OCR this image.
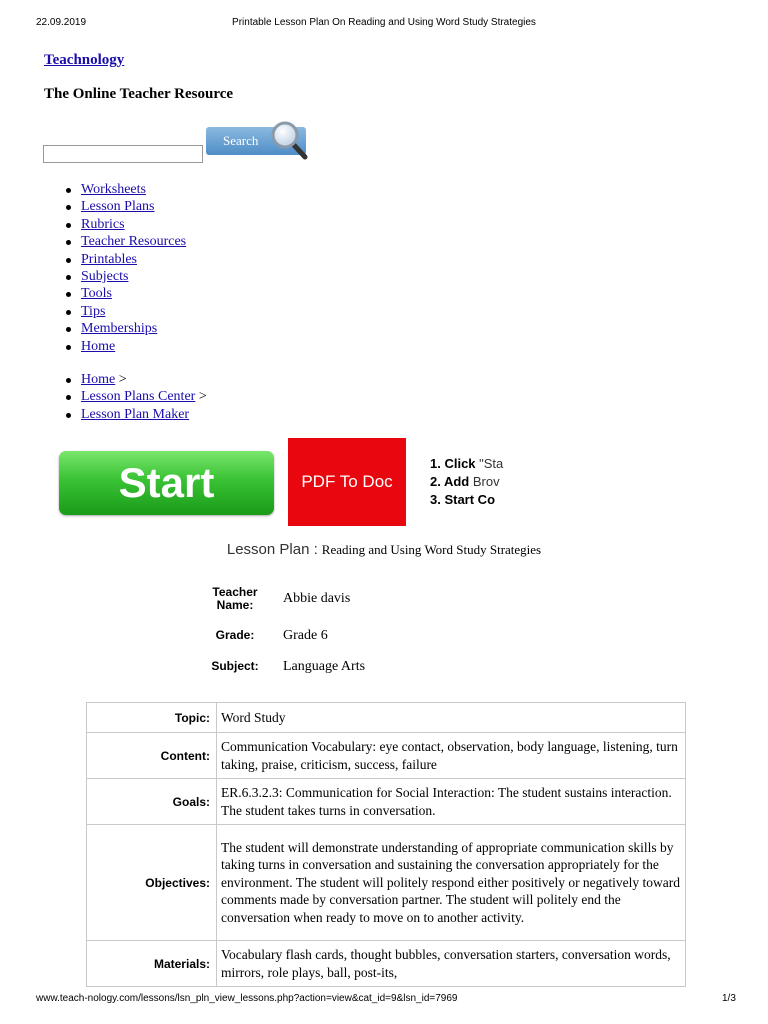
22.09.2019	Printable Lesson Plan On Reading and Using Word Study Strategies
Teachnology
The Online Teacher Resource
Search
Worksheets
Lesson Plans
Rubrics
Teacher Resources
Printables
Subjects
Tools
Tips
Memberships
Home
Home >
Lesson Plans Center >
Lesson Plan Maker
Start	PDF To Doc
1. Click "Sta
2. Add Brov
3. Start Co
Lesson Plan : Reading and Using Word Study Strategies
Teacher Name:	Abbie davis
Grade:	Grade 6
Subject:	Language Arts
Topic:	Word Study
Content:	Communication Vocabulary: eye contact, observation, body language, listening, turn taking, praise, criticism, success, failure
Goals:	ER.6.3.2.3: Communication for Social Interaction: The student sustains interaction. The student takes turns in conversation.
Objectives:	The student will demonstrate understanding of appropriate communication skills by taking turns in conversation and sustaining the conversation appropriately for the environment. The student will politely respond either positively or negatively toward comments made by conversation partner. The student will politely end the conversation when ready to move on to another activity.
Materials:	Vocabulary flash cards, thought bubbles, conversation starters, conversation words, mirrors, role plays, ball, post-its,
www.teach-nology.com/lessons/lsn_pln_view_lessons.php?action=view&cat_id=9&lsn_id=7969	1/3
